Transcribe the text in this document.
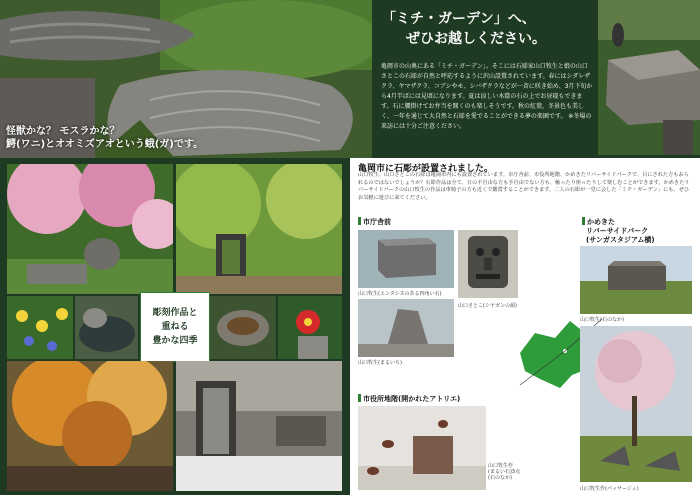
怪獣かな？ モスラかな？
鰐(ワニ)とオオミズアオという蛾(ガ)です。
「ミチ・ガーデン」へ、
ぜひお越しください。
亀岡市の山奥にある「ミチ・ガーデン」。そこには石彫家山口牧生と娘の山口さとこの石彫が自然と呼応するように沢山設置されています。春にはシダレザクラ、ヤマザクラ、コブシやモ、シバザクラなどが一斉に咲き始め、3月下旬から4月半ばには見頃になります。夏は涼しい木陰の石の上でお昼寝もできます。石に腰掛けてお弁当を開くのも楽しそうです。秋の紅葉、冬景色も美しく、一年を通じて大自然と石彫を愛でることができる夢の楽園です。 ※冬場の来訪には十分ご注意ください。
彫刻作品と
重ねる
豊かな四季
亀岡市に石彫が設置されました。
山口牧生、山口さとこの石彫は亀岡市内にも設置されています。市庁舎前、市役所地階、かめきたリバーサイドパークで、目にされた方もおられるのではないでしょうか？石彫作品は全て、日の不自由な方も手自由でない方も、触ったり座ったりして楽しむことができます。かめきたリバーサイドパークの山口牧生の作品は車椅子の方も近くで鑑賞することができます。二人の石彫が一堂に会した「ミチ・ガーデン」にも、ぜひお気軽に遊びに来てください。
市庁舎前
山口牧生(エンタシスのある四角い石)
山口さとこ(シヤガンの顔)
山口牧生(まるいち)
市役所地階(開かれたアトリエ)
山口牧生作
(まるい石)3点
(石のなか)
かめきた
リバーサイドパーク
(サンガスタジアム横)
山口牧生(石のなか)
山口牧生作(パッサージュ)
